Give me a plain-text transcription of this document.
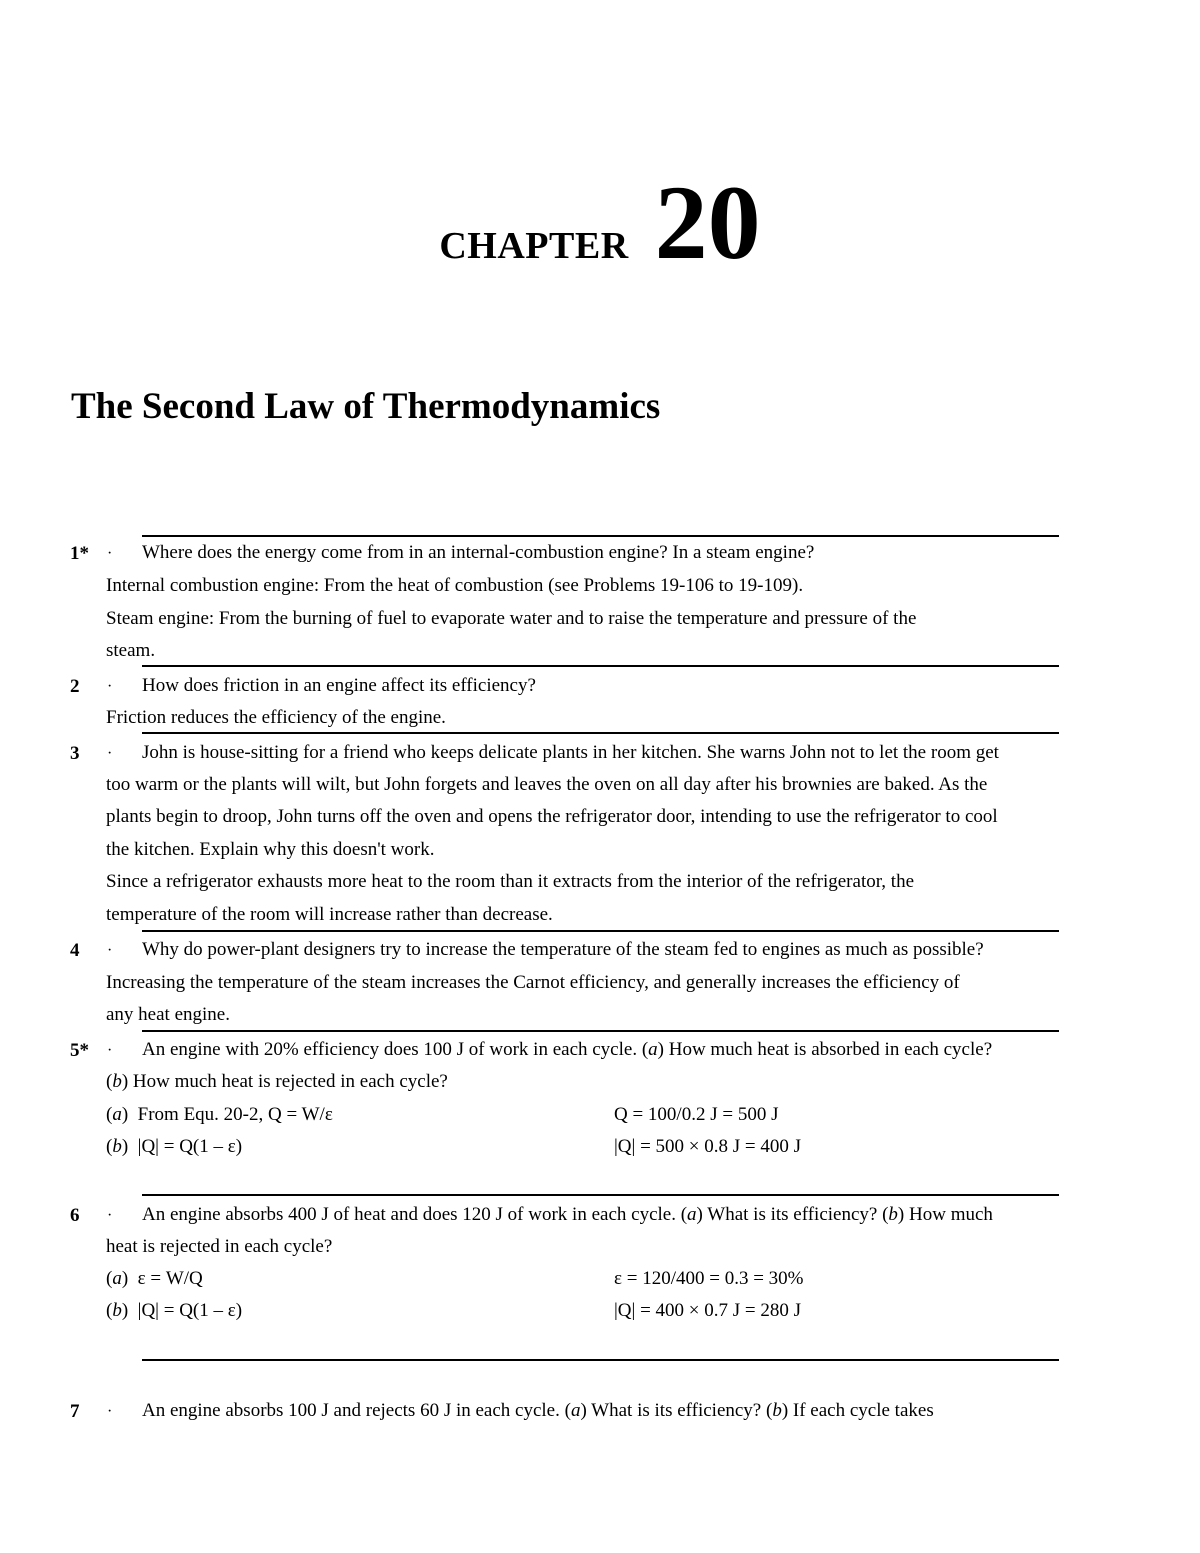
CHAPTER 20
The Second Law of Thermodynamics
1* · Where does the energy come from in an internal-combustion engine? In a steam engine?
Internal combustion engine: From the heat of combustion (see Problems 19-106 to 19-109).
Steam engine: From the burning of fuel to evaporate water and to raise the temperature and pressure of the
steam.
2 · How does friction in an engine affect its efficiency?
Friction reduces the efficiency of the engine.
3 · John is house-sitting for a friend who keeps delicate plants in her kitchen. She warns John not to let the room get
too warm or the plants will wilt, but John forgets and leaves the oven on all day after his brownies are baked. As the
plants begin to droop, John turns off the oven and opens the refrigerator door, intending to use the refrigerator to cool
the kitchen. Explain why this doesn't work.
Since a refrigerator exhausts more heat to the room than it extracts from the interior of the refrigerator, the
temperature of the room will increase rather than decrease.
4 · Why do power-plant designers try to increase the temperature of the steam fed to engines as much as possible?
Increasing the temperature of the steam increases the Carnot efficiency, and generally increases the efficiency of
any heat engine.
5* · An engine with 20% efficiency does 100 J of work in each cycle. (a) How much heat is absorbed in each cycle?
(b) How much heat is rejected in each cycle?
(a)  From Equ. 20-2, Q = W/ε	Q = 100/0.2 J = 500 J
(b)  |Q| = Q(1 – ε)	|Q| = 500 × 0.8 J = 400 J
6 · An engine absorbs 400 J of heat and does 120 J of work in each cycle. (a) What is its efficiency? (b) How much
heat is rejected in each cycle?
(a)  ε = W/Q	ε = 120/400 = 0.3 = 30%
(b)  |Q| = Q(1 – ε)	|Q| = 400 × 0.7 J = 280 J
7 · An engine absorbs 100 J and rejects 60 J in each cycle. (a) What is its efficiency? (b) If each cycle takes
